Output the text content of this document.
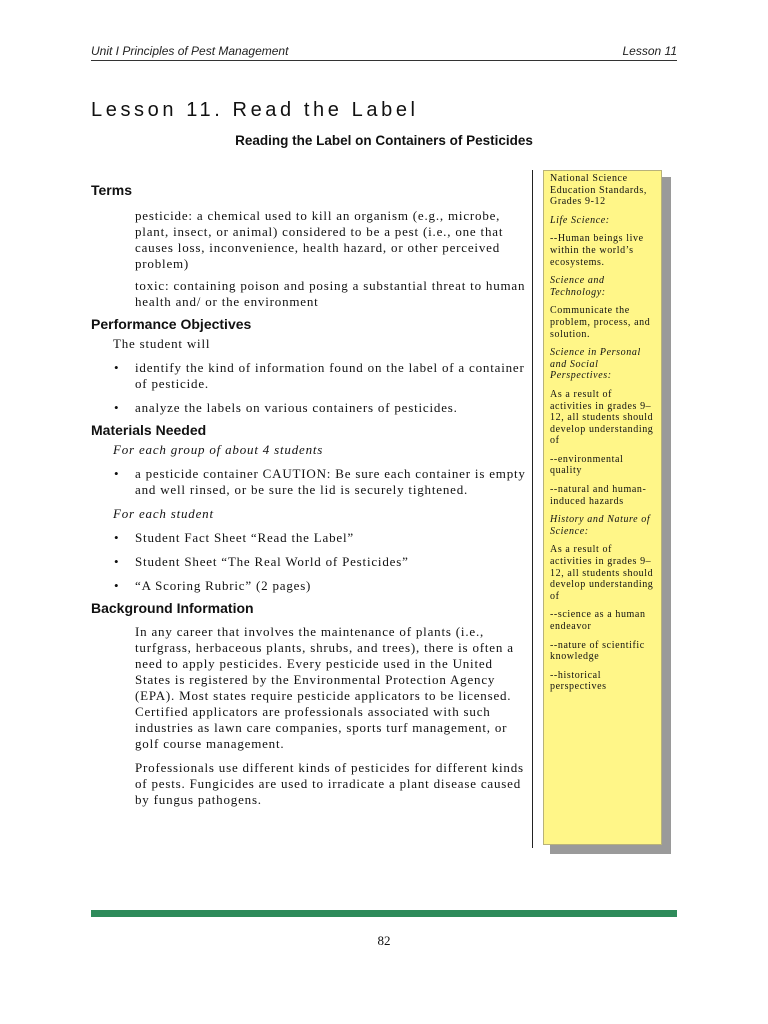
Unit I Principles of Pest Management	Lesson 11
Lesson 11. Read the Label
Reading the Label on Containers of Pesticides
Terms

pesticide: a chemical used to kill an organism (e.g., microbe, plant, insect, or animal) considered to be a pest (i.e., one that causes loss, inconvenience, health hazard, or other perceived problem)

toxic: containing poison and posing a substantial threat to human health and/ or the environment

Performance Objectives

The student will

• identify the kind of information found on the label of a container of pesticide.

• analyze the labels on various containers of pesticides.

Materials Needed

For each group of about 4 students

• a pesticide container CAUTION: Be sure each container is empty and well rinsed, or be sure the lid is securely tightened.

For each student

• Student Fact Sheet “Read the Label”

• Student Sheet “The Real World of Pesticides”

• “A Scoring Rubric” (2 pages)

Background Information

In any career that involves the maintenance of plants (i.e., turfgrass, herbaceous plants, shrubs, and trees), there is often a need to apply pesticides. Every pesticide used in the United States is registered by the Environmental Protection Agency (EPA). Most states require pesticide applicators to be licensed. Certified applicators are professionals associated with such industries as lawn care companies, sports turf management, or golf course management.

Professionals use different kinds of pesticides for different kinds of pests. Fungicides are used to irradicate a plant disease caused by fungus pathogens.

National Science Education Standards, Grades 9-12

Life Science:

--Human beings live within the world’s ecosystems.

Science and Technology:

Communicate the problem, process, and solution.

Science in Personal and Social Perspectives:

As a result of activities in grades 9–12, all students should develop understanding of

--environmental quality

--natural and human-induced hazards

History and Nature of Science:

As a result of activities in grades 9–12, all students should develop understanding of

--science as a human endeavor

--nature of scientific knowledge

--historical perspectives

82
